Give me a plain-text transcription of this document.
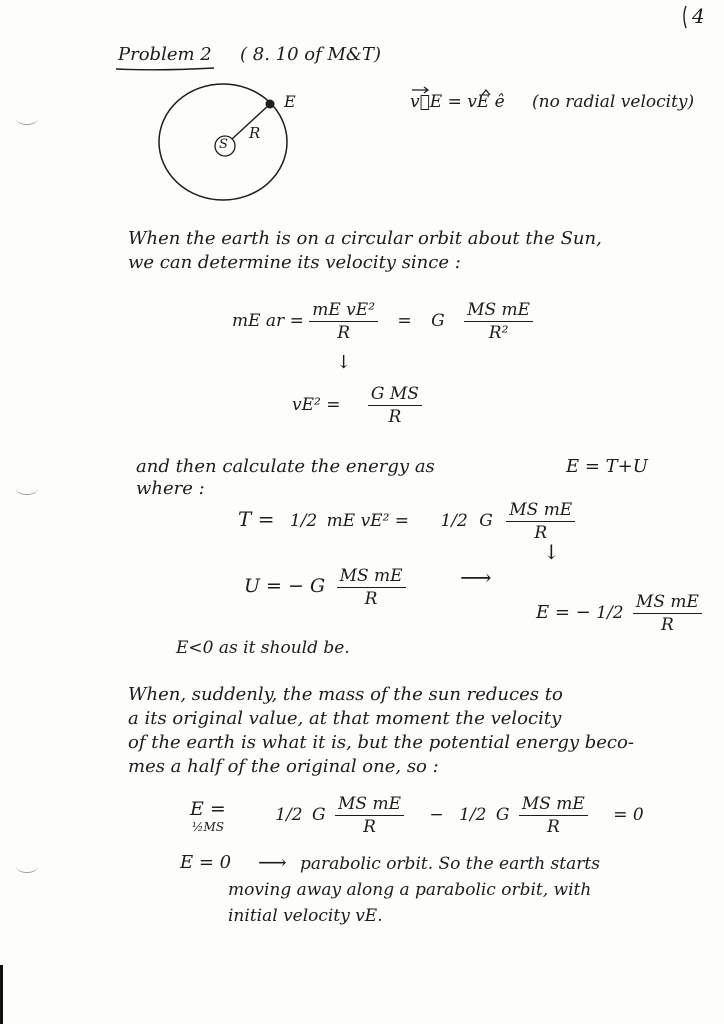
4
Problem 2 ( 8. 10 of M&T)
E
R
S
v⃗E = vE ê (no radial velocity)
When the earth is on a circular orbit about the Sun,
we can determine its velocity since :
mE ar = $\frac{\text{mE vE²}}{R} = G \frac{\text{MS mE}}{\text{R²}}$
↓
$vE^2 = \frac{\text{G MS}}{R}$
and then calculate the energy as	E = T+U
where :
T = 1/2 mE vE² = 1/2 G $\frac{\text{MS mE}}{R}$
↓
U = − G $\frac{\text{MS mE}}{R}$ ⟶
E = − $1/2 \frac{\text{MS mE}}{R}$
E<0 as it should be.
When, suddenly, the mass of the sun reduces to
a its original value, at that moment the velocity
of the earth is what it is, but the potential energy beco-
mes a half of the original one, so :
E =
½MS
1/2 G $\frac{\text{MS mE}}{R} - 1/2$ G $\frac{\text{MS mE}}{R} = 0$
E = 0 ⟶ parabolic orbit. So the earth starts
moving away along a parabolic orbit, with
initial velocity vE.
